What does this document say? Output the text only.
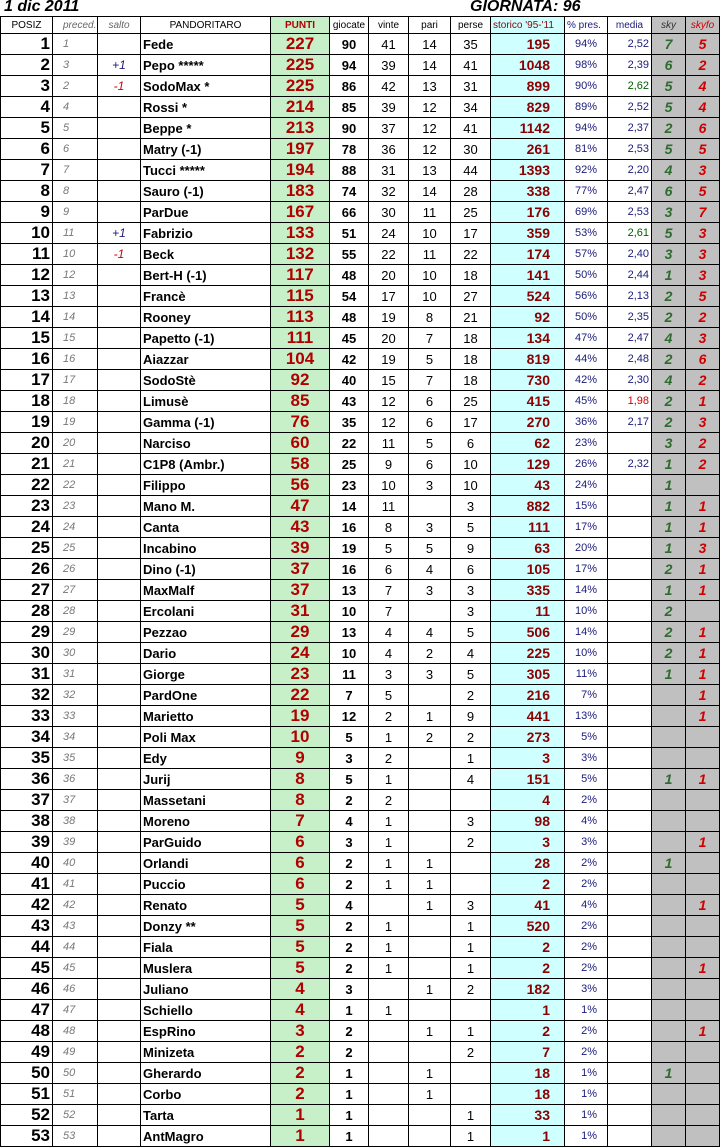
1 dic 2011	GIORNATA: 96
POSIZ	preced.	salto	PANDORITARO	PUNTI	giocate	vinte	pari	perse	storico '95-'11	% pres.	media	sky	skyfo
1	1		Fede	227	90	41	14	35	195	94%	2,52	7	5
2	3	+1	Pepo *****	225	94	39	14	41	1048	98%	2,39	6	2
3	2	-1	SodoMax *	225	86	42	13	31	899	90%	2,62	5	4
4	4		Rossi *	214	85	39	12	34	829	89%	2,52	5	4
5	5		Beppe *	213	90	37	12	41	1142	94%	2,37	2	6
6	6		Matry (-1)	197	78	36	12	30	261	81%	2,53	5	5
7	7		Tucci *****	194	88	31	13	44	1393	92%	2,20	4	3
8	8		Sauro (-1)	183	74	32	14	28	338	77%	2,47	6	5
9	9		ParDue	167	66	30	11	25	176	69%	2,53	3	7
10	11	+1	Fabrizio	133	51	24	10	17	359	53%	2,61	5	3
11	10	-1	Beck	132	55	22	11	22	174	57%	2,40	3	3
12	12		Bert-H (-1)	117	48	20	10	18	141	50%	2,44	1	3
13	13		Francè	115	54	17	10	27	524	56%	2,13	2	5
14	14		Rooney	113	48	19	8	21	92	50%	2,35	2	2
15	15		Papetto (-1)	111	45	20	7	18	134	47%	2,47	4	3
16	16		Aiazzar	104	42	19	5	18	819	44%	2,48	2	6
17	17		SodoStè	92	40	15	7	18	730	42%	2,30	4	2
18	18		Limusè	85	43	12	6	25	415	45%	1,98	2	1
19	19		Gamma (-1)	76	35	12	6	17	270	36%	2,17	2	3
20	20		Narciso	60	22	11	5	6	62	23%		3	2
21	21		C1P8 (Ambr.)	58	25	9	6	10	129	26%	2,32	1	2
22	22		Filippo	56	23	10	3	10	43	24%		1	
23	23		Mano M.	47	14	11		3	882	15%		1	1
24	24		Canta	43	16	8	3	5	111	17%		1	1
25	25		Incabino	39	19	5	5	9	63	20%		1	3
26	26		Dino (-1)	37	16	6	4	6	105	17%		2	1
27	27		MaxMalf	37	13	7	3	3	335	14%		1	1
28	28		Ercolani	31	10	7		3	11	10%		2	
29	29		Pezzao	29	13	4	4	5	506	14%		2	1
30	30		Dario	24	10	4	2	4	225	10%		2	1
31	31		Giorge	23	11	3	3	5	305	11%		1	1
32	32		PardOne	22	7	5		2	216	7%			1
33	33		Marietto	19	12	2	1	9	441	13%			1
34	34		Poli Max	10	5	1	2	2	273	5%			
35	35		Edy	9	3	2		1	3	3%			
36	36		Jurij	8	5	1		4	151	5%		1	1
37	37		Massetani	8	2	2			4	2%			
38	38		Moreno	7	4	1		3	98	4%			
39	39		ParGuido	6	3	1		2	3	3%			1
40	40		Orlandi	6	2	1	1		28	2%		1	
41	41		Puccio	6	2	1	1		2	2%			
42	42		Renato	5	4		1	3	41	4%			1
43	43		Donzy **	5	2	1		1	520	2%			
44	44		Fiala	5	2	1		1	2	2%			
45	45		Muslera	5	2	1		1	2	2%			1
46	46		Juliano	4	3		1	2	182	3%			
47	47		Schiello	4	1	1			1	1%			
48	48		EspRino	3	2		1	1	2	2%			1
49	49		Minizeta	2	2			2	7	2%			
50	50		Gherardo	2	1		1		18	1%		1	
51	51		Corbo	2	1		1		18	1%			
52	52		Tarta	1	1			1	33	1%			
53	53		AntMagro	1	1			1	1	1%			
